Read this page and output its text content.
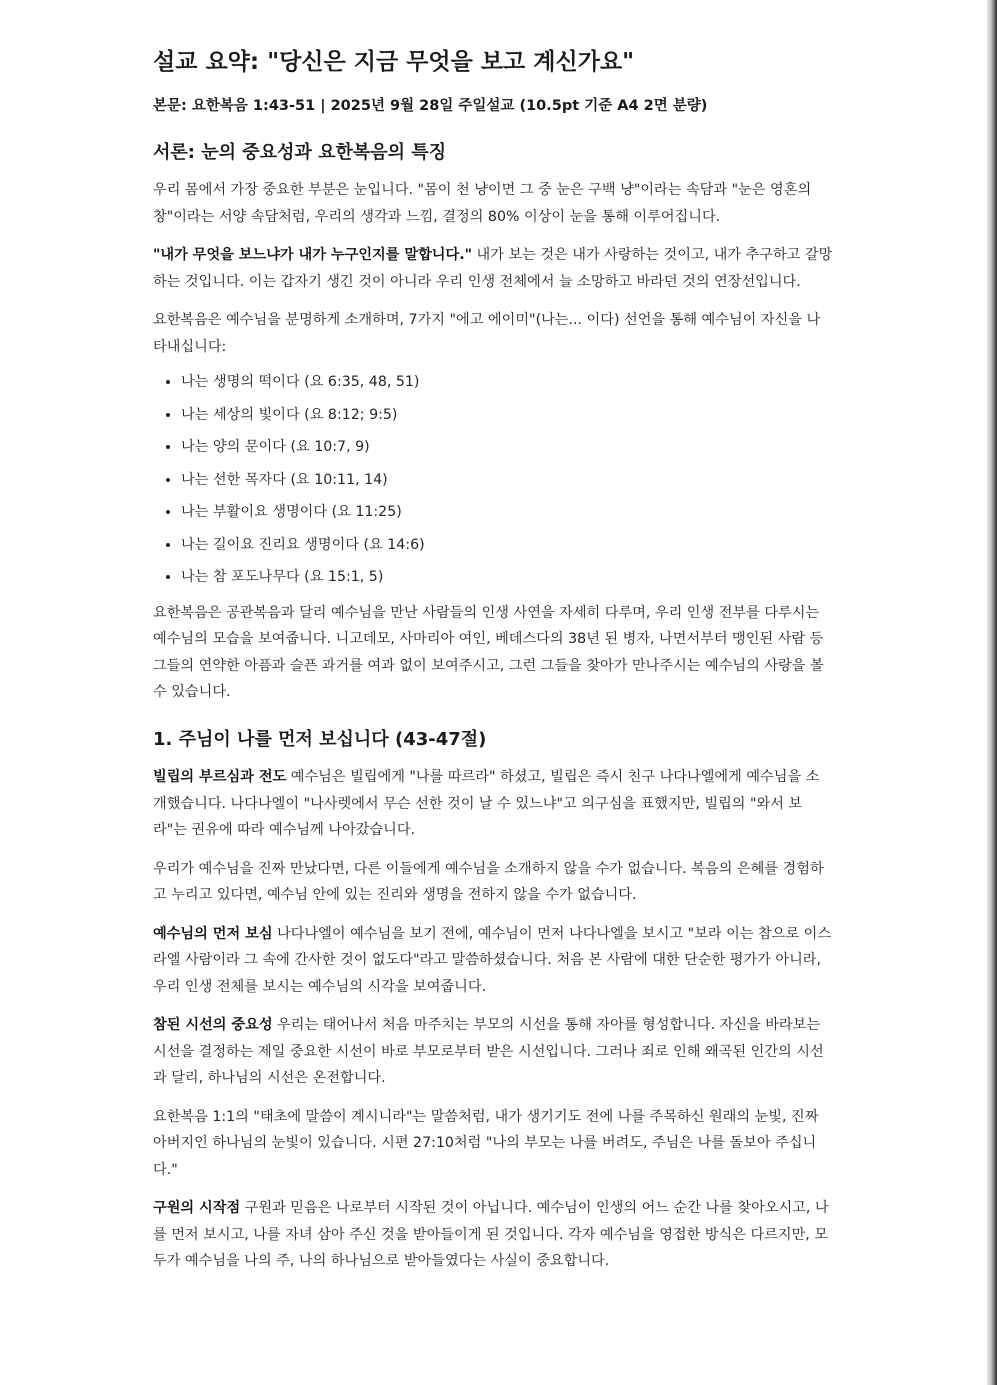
설교 요약: "당신은 지금 무엇을 보고 계신가요"
본문: 요한복음 1:43-51 | 2025년 9월 28일 주일설교 (10.5pt 기준 A4 2면 분량)
서론: 눈의 중요성과 요한복음의 특징

우리 몸에서 가장 중요한 부분은 눈입니다. "몸이 천 냥이면 그 중 눈은 구백 냥"이라는 속담과 "눈은 영혼의 창"이라는 서양 속담처럼, 우리의 생각과 느낌, 결정의 80% 이상이 눈을 통해 이루어집니다.

"내가 무엇을 보느냐가 내가 누구인지를 말합니다." 내가 보는 것은 내가 사랑하는 것이고, 내가 추구하고 갈망하는 것입니다. 이는 갑자기 생긴 것이 아니라 우리 인생 전체에서 늘 소망하고 바라던 것의 연장선입니다.

요한복음은 예수님을 분명하게 소개하며, 7가지 "에고 에이미"(나는... 이다) 선언을 통해 예수님이 자신을 나타내십니다:

• 나는 생명의 떡이다 (요 6:35, 48, 51)
• 나는 세상의 빛이다 (요 8:12; 9:5)
• 나는 양의 문이다 (요 10:7, 9)
• 나는 선한 목자다 (요 10:11, 14)
• 나는 부활이요 생명이다 (요 11:25)
• 나는 길이요 진리요 생명이다 (요 14:6)
• 나는 참 포도나무다 (요 15:1, 5)

요한복음은 공관복음과 달리 예수님을 만난 사람들의 인생 사연을 자세히 다루며, 우리 인생 전부를 다루시는 예수님의 모습을 보여줍니다. 니고데모, 사마리아 여인, 베데스다의 38년 된 병자, 나면서부터 맹인된 사람 등 그들의 연약한 아픔과 슬픈 과거를 여과 없이 보여주시고, 그런 그들을 찾아가 만나주시는 예수님의 사랑을 볼 수 있습니다.

1. 주님이 나를 먼저 보십니다 (43-47절)

빌립의 부르심과 전도 예수님은 빌립에게 "나를 따르라" 하셨고, 빌립은 즉시 친구 나다나엘에게 예수님을 소개했습니다. 나다나엘이 "나사렛에서 무슨 선한 것이 날 수 있느냐"고 의구심을 표했지만, 빌립의 "와서 보라"는 권유에 따라 예수님께 나아갔습니다.

우리가 예수님을 진짜 만났다면, 다른 이들에게 예수님을 소개하지 않을 수가 없습니다. 복음의 은혜를 경험하고 누리고 있다면, 예수님 안에 있는 진리와 생명을 전하지 않을 수가 없습니다.

예수님의 먼저 보심 나다나엘이 예수님을 보기 전에, 예수님이 먼저 나다나엘을 보시고 "보라 이는 참으로 이스라엘 사람이라 그 속에 간사한 것이 없도다"라고 말씀하셨습니다. 처음 본 사람에 대한 단순한 평가가 아니라, 우리 인생 전체를 보시는 예수님의 시각을 보여줍니다.

참된 시선의 중요성 우리는 태어나서 처음 마주치는 부모의 시선을 통해 자아를 형성합니다. 자신을 바라보는 시선을 결정하는 제일 중요한 시선이 바로 부모로부터 받은 시선입니다. 그러나 죄로 인해 왜곡된 인간의 시선과 달리, 하나님의 시선은 온전합니다.

요한복음 1:1의 "태초에 말씀이 계시니라"는 말씀처럼, 내가 생기기도 전에 나를 주목하신 원래의 눈빛, 진짜 아버지인 하나님의 눈빛이 있습니다. 시편 27:10처럼 "나의 부모는 나를 버려도, 주님은 나를 돌보아 주십니다."

구원의 시작점 구원과 믿음은 나로부터 시작된 것이 아닙니다. 예수님이 인생의 어느 순간 나를 찾아오시고, 나를 먼저 보시고, 나를 자녀 삼아 주신 것을 받아들이게 된 것입니다. 각자 예수님을 영접한 방식은 다르지만, 모두가 예수님을 나의 주, 나의 하나님으로 받아들였다는 사실이 중요합니다.
